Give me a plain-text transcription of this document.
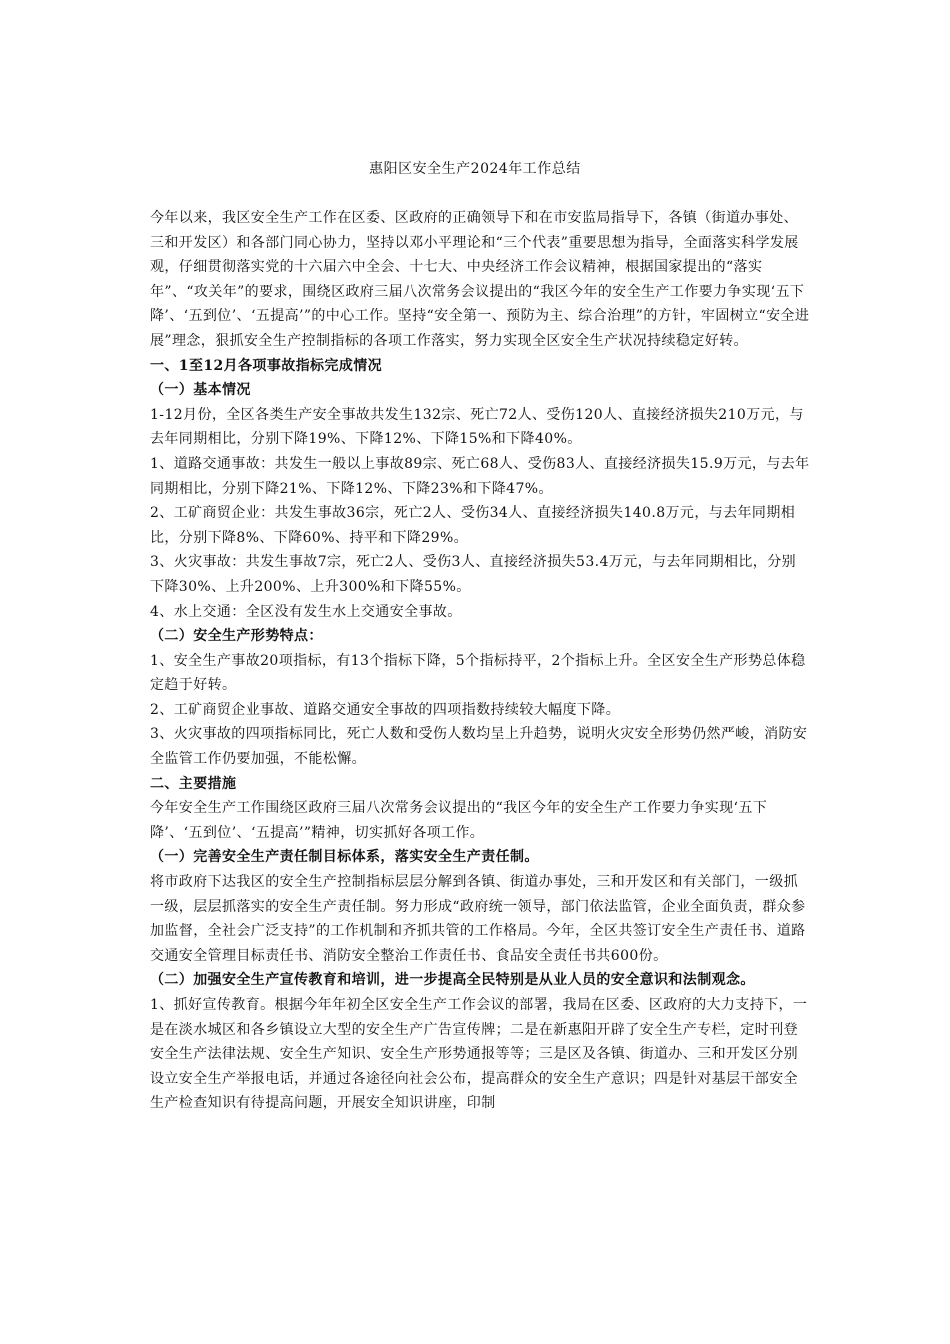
惠阳区安全生产2024年工作总结

今年以来，我区安全生产工作在区委、区政府的正确领导下和在市安监局指导下，各镇（街道办事处、三和开发区）和各部门同心协力，坚持以邓小平理论和“三个代表”重要思想为指导，全面落实科学发展观，仔细贯彻落实党的十六届六中全会、十七大、中央经济工作会议精神，根据国家提出的“落实年”、“攻关年”的要求，围绕区政府三届八次常务会议提出的“我区今年的安全生产工作要力争实现‘五下降’、‘五到位’、‘五提高’”的中心工作。坚持“安全第一、预防为主、综合治理”的方针，牢固树立“安全进展”理念，狠抓安全生产控制指标的各项工作落实，努力实现全区安全生产状况持续稳定好转。

一、1至12月各项事故指标完成情况

（一）基本情况

1-12月份，全区各类生产安全事故共发生132宗、死亡72人、受伤120人、直接经济损失210万元，与去年同期相比，分别下降19%、下降12%、下降15%和下降40%。

1、道路交通事故：共发生一般以上事故89宗、死亡68人、受伤83人、直接经济损失15.9万元，与去年同期相比，分别下降21%、下降12%、下降23%和下降47%。

2、工矿商贸企业：共发生事故36宗，死亡2人、受伤34人、直接经济损失140.8万元，与去年同期相比，分别下降8%、下降60%、持平和下降29%。

3、火灾事故：共发生事故7宗，死亡2人、受伤3人、直接经济损失53.4万元，与去年同期相比，分别下降30%、上升200%、上升300%和下降55%。

4、水上交通：全区没有发生水上交通安全事故。

（二）安全生产形势特点：

1、安全生产事故20项指标，有13个指标下降，5个指标持平，2个指标上升。全区安全生产形势总体稳定趋于好转。

2、工矿商贸企业事故、道路交通安全事故的四项指数持续较大幅度下降。

3、火灾事故的四项指标同比，死亡人数和受伤人数均呈上升趋势，说明火灾安全形势仍然严峻，消防安全监管工作仍要加强，不能松懈。

二、主要措施

今年安全生产工作围绕区政府三届八次常务会议提出的“我区今年的安全生产工作要力争实现‘五下降’、‘五到位’、‘五提高’”精神，切实抓好各项工作。

（一）完善安全生产责任制目标体系，落实安全生产责任制。

将市政府下达我区的安全生产控制指标层层分解到各镇、街道办事处，三和开发区和有关部门，一级抓一级，层层抓落实的安全生产责任制。努力形成“政府统一领导，部门依法监管，企业全面负责，群众参加监督，全社会广泛支持”的工作机制和齐抓共管的工作格局。今年，全区共签订安全生产责任书、道路交通安全管理目标责任书、消防安全整治工作责任书、食品安全责任书共600份。

（二）加强安全生产宣传教育和培训，进一步提高全民特别是从业人员的安全意识和法制观念。

1、抓好宣传教育。根据今年年初全区安全生产工作会议的部署，我局在区委、区政府的大力支持下，一是在淡水城区和各乡镇设立大型的安全生产广告宣传牌；二是在新惠阳开辟了安全生产专栏，定时刊登安全生产法律法规、安全生产知识、安全生产形势通报等等；三是区及各镇、街道办、三和开发区分别设立安全生产举报电话，并通过各途径向社会公布，提高群众的安全生产意识；四是针对基层干部安全生产检查知识有待提高问题，开展安全知识讲座，印制
